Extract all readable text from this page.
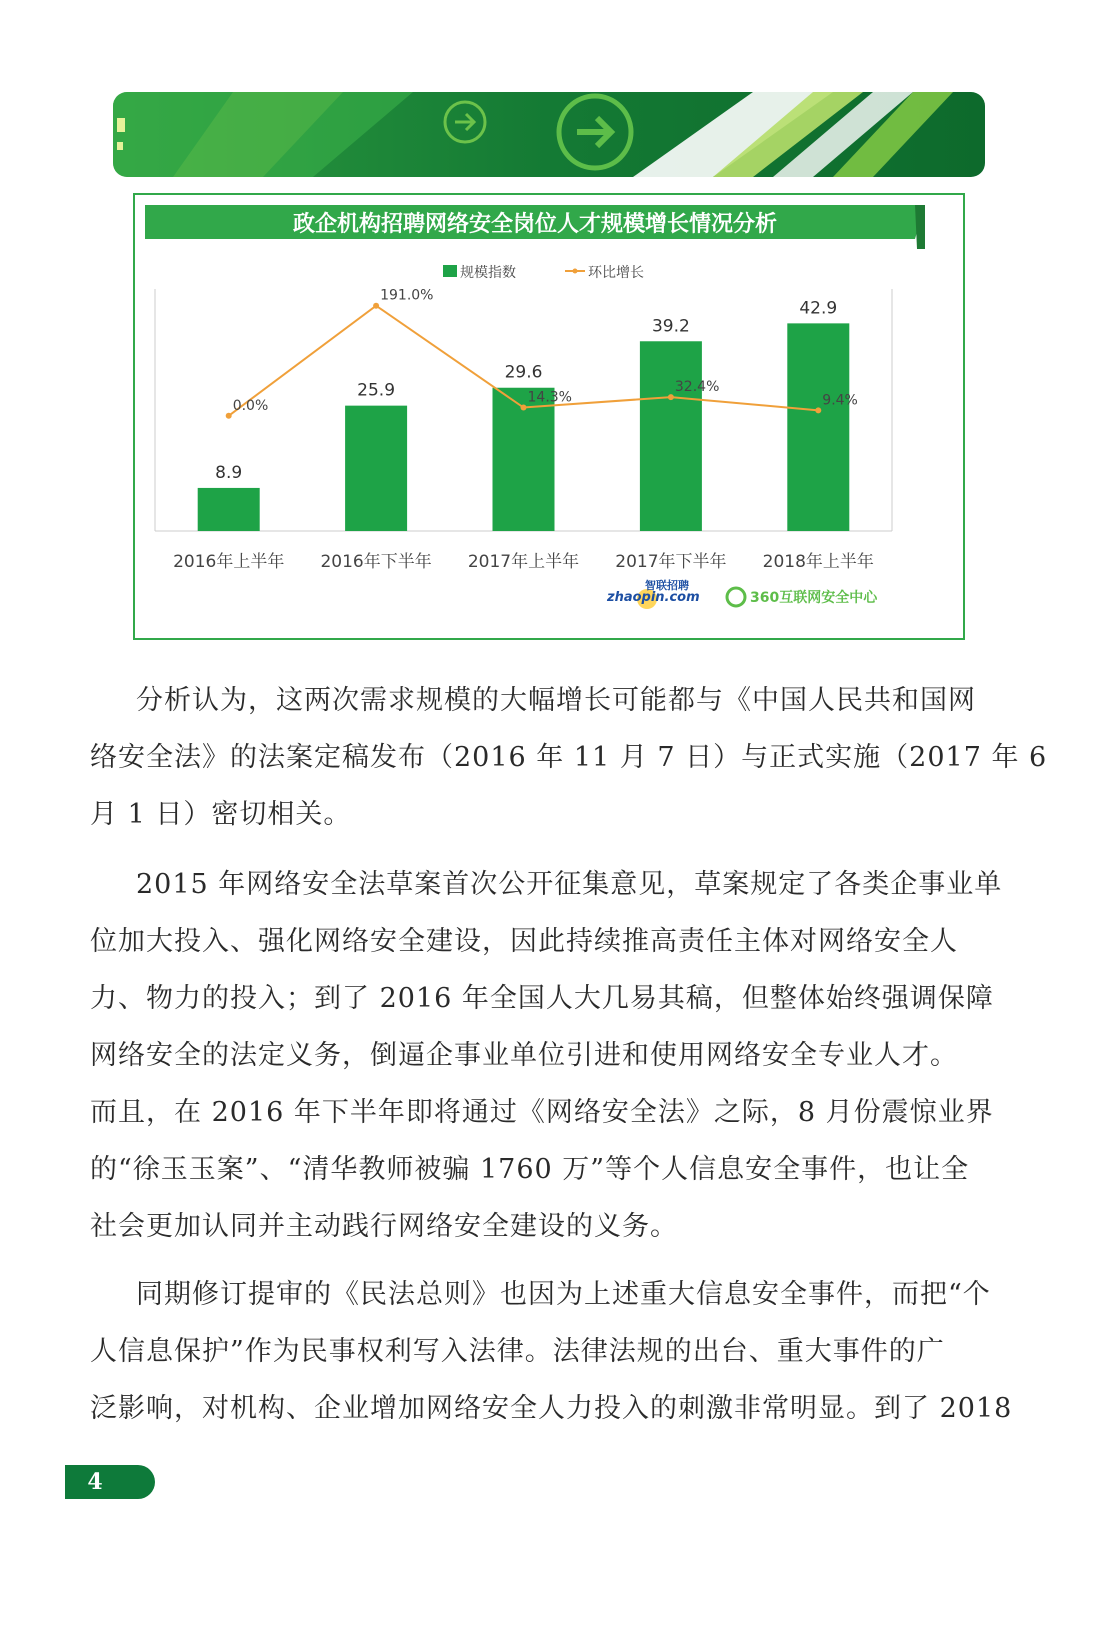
政企机构招聘网络安全岗位人才规模增长情况分析
规模指数	环比增长
8.9
25.9
29.6
39.2
42.9
0.0%
191.0%
14.3%
32.4%
9.4%
2016年上半年 2016年下半年 2017年上半年 2017年下半年 2018年上半年
zhaopin.com
智联招聘
360互联网安全中心
分析认为，这两次需求规模的大幅增长可能都与《中国人民共和国网
络安全法》的法案定稿发布（2016 年 11 月 7 日）与正式实施（2017 年 6
月 1 日）密切相关。
2015 年网络安全法草案首次公开征集意见，草案规定了各类企事业单
位加大投入、强化网络安全建设，因此持续推高责任主体对网络安全人
力、物力的投入；到了 2016 年全国人大几易其稿，但整体始终强调保障
网络安全的法定义务，倒逼企事业单位引进和使用网络安全专业人才。
而且，在 2016 年下半年即将通过《网络安全法》之际，8 月份震惊业界
的“徐玉玉案”、“清华教师被骗 1760 万”等个人信息安全事件，也让全
社会更加认同并主动践行网络安全建设的义务。
同期修订提审的《民法总则》也因为上述重大信息安全事件，而把“个
人信息保护”作为民事权利写入法律。法律法规的出台、重大事件的广
泛影响，对机构、企业增加网络安全人力投入的刺激非常明显。到了 2018
4
